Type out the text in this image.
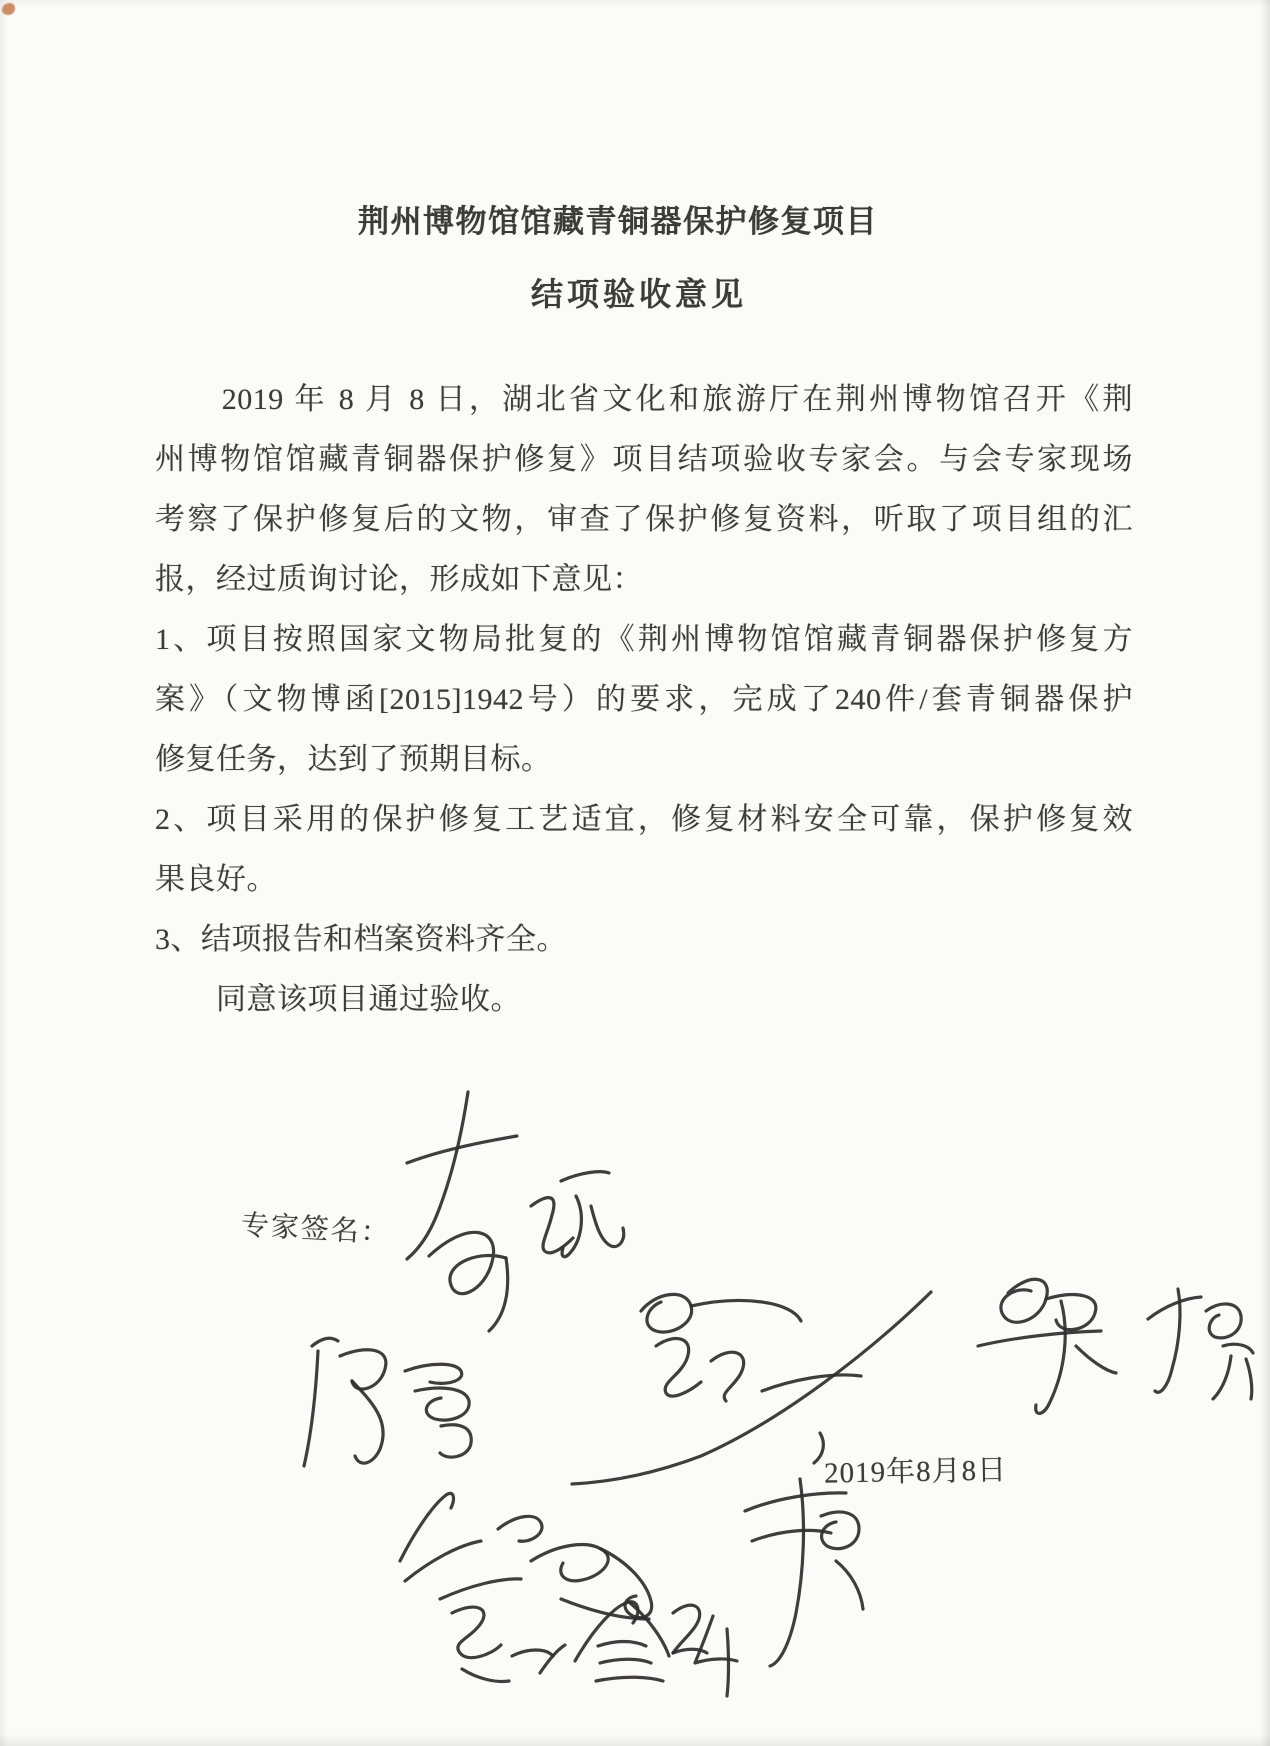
荆州博物馆馆藏青铜器保护修复项目
结项验收意见

　　2019 年 8 月 8 日，湖北省文化和旅游厅在荆州博物馆召开《荆

州博物馆馆藏青铜器保护修复》项目结项验收专家会。与会专家现场

考察了保护修复后的文物，审查了保护修复资料，听取了项目组的汇

报，经过质询讨论，形成如下意见：

1、项目按照国家文物局批复的《荆州博物馆馆藏青铜器保护修复方

案》（文物博函[2015]1942号）的要求，完成了240件/套青铜器保护

修复任务，达到了预期目标。

2、项目采用的保护修复工艺适宜，修复材料安全可靠，保护修复效

果良好。

3、结项报告和档案资料齐全。

　　同意该项目通过验收。

专家签名：
2019年8月8日
